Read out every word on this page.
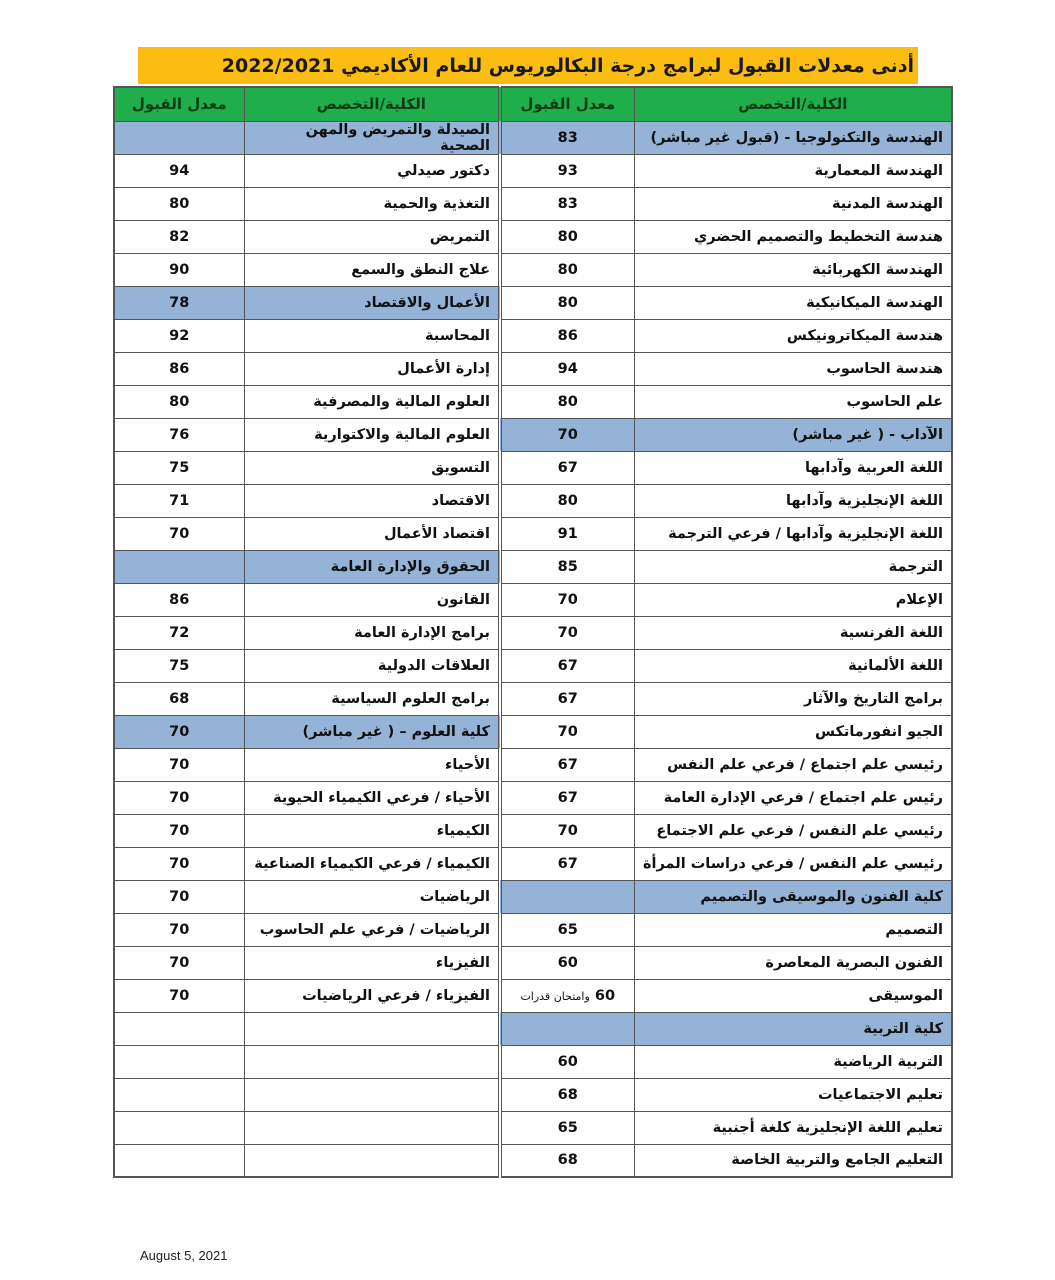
أدنى معدلات القبول لبرامج درجة البكالوريوس للعام الأكاديمي 2022/2021
الكلية/التخصص	معدل القبول	الكلية/التخصص	معدل القبول
الهندسة والتكنولوجيا - (قبول غير مباشر)	83	الصيدلة والتمريض والمهن الصحية	
الهندسة المعمارية	93	دكتور صيدلي	94
الهندسة المدنية	83	التغذية والحمية	80
هندسة التخطيط والتصميم الحضري	80	التمريض	82
الهندسة الكهربائية	80	علاج النطق والسمع	90
الهندسة الميكانيكية	80	الأعمال والاقتصاد	78
هندسة الميكاترونيكس	86	المحاسبة	92
هندسة الحاسوب	94	إدارة الأعمال	86
علم الحاسوب	80	العلوم المالية والمصرفية	80
الآداب - ( غير مباشر)	70	العلوم المالية والاكتوارية	76
اللغة العربية وآدابها	67	التسويق	75
اللغة الإنجليزية وآدابها	80	الاقتصاد	71
اللغة الإنجليزية وآدابها / فرعي الترجمة	91	اقتصاد الأعمال	70
الترجمة	85	الحقوق والإدارة العامة	
الإعلام	70	القانون	86
اللغة الفرنسية	70	برامج الإدارة العامة	72
اللغة الألمانية	67	العلاقات الدولية	75
برامج التاريخ والآثار	67	برامج العلوم السياسية	68
الجيو انفورماتكس	70	كلية العلوم – ( غير مباشر)	70
رئيسي علم اجتماع / فرعي علم النفس	67	الأحياء	70
رئيس علم اجتماع / فرعي الإدارة العامة	67	الأحياء / فرعي الكيمياء الحيوية	70
رئيسي علم النفس / فرعي علم الاجتماع	70	الكيمياء	70
رئيسي علم النفس / فرعي دراسات المرأة	67	الكيمياء / فرعي الكيمياء الصناعية	70
كلية الفنون والموسيقى والتصميم		الرياضيات	70
التصميم	65	الرياضيات / فرعي علم الحاسوب	70
الفنون البصرية المعاصرة	60	الفيزياء	70
الموسيقى	60 وامتحان قدرات	الفيزياء / فرعي الرياضيات	70
كلية التربية			
التربية الرياضية	60		
تعليم الاجتماعيات	68		
تعليم اللغة الإنجليزية كلغة أجنبية	65		
التعليم الجامع والتربية الخاصة	68		
August 5, 2021
